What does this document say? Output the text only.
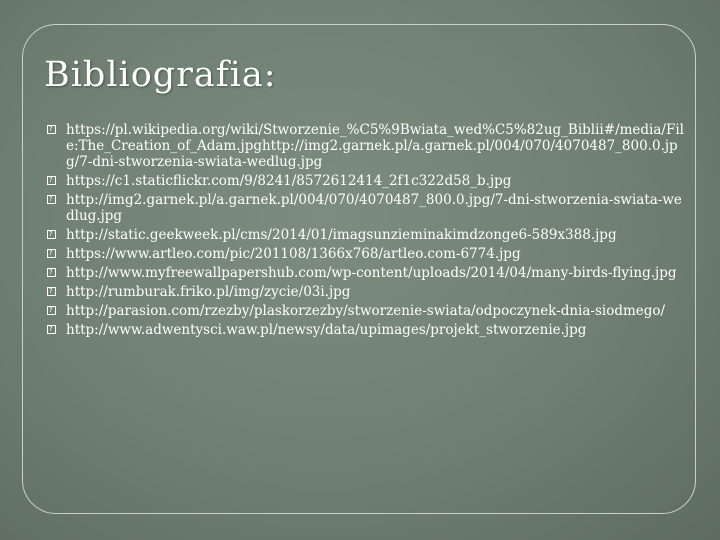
Bibliografia:
?
https://pl.wikipedia.org/wiki/Stworzenie_%C5%9Bwiata_wed%C5%82ug_Biblii#/media/File:The_Creation_of_Adam.jpghttp://img2.garnek.pl/a.garnek.pl/004/070/4070487_800.0.jpg/7-dni-stworzenia-swiata-wedlug.jpg
?
https://c1.staticflickr.com/9/8241/8572612414_2f1c322d58_b.jpg
?
http://img2.garnek.pl/a.garnek.pl/004/070/4070487_800.0.jpg/7-dni-stworzenia-swiata-wedlug.jpg
?
http://static.geekweek.pl/cms/2014/01/imagsunzieminakimdzonge6-589x388.jpg
?
https://www.artleo.com/pic/201108/1366x768/artleo.com-6774.jpg
?
http://www.myfreewallpapershub.com/wp-content/uploads/2014/04/many-birds-flying.jpg
?
http://rumburak.friko.pl/img/zycie/03i.jpg
?
http://parasion.com/rzezby/plaskorzezby/stworzenie-swiata/odpoczynek-dnia-siodmego/
?
http://www.adwentysci.waw.pl/newsy/data/upimages/projekt_stworzenie.jpg
